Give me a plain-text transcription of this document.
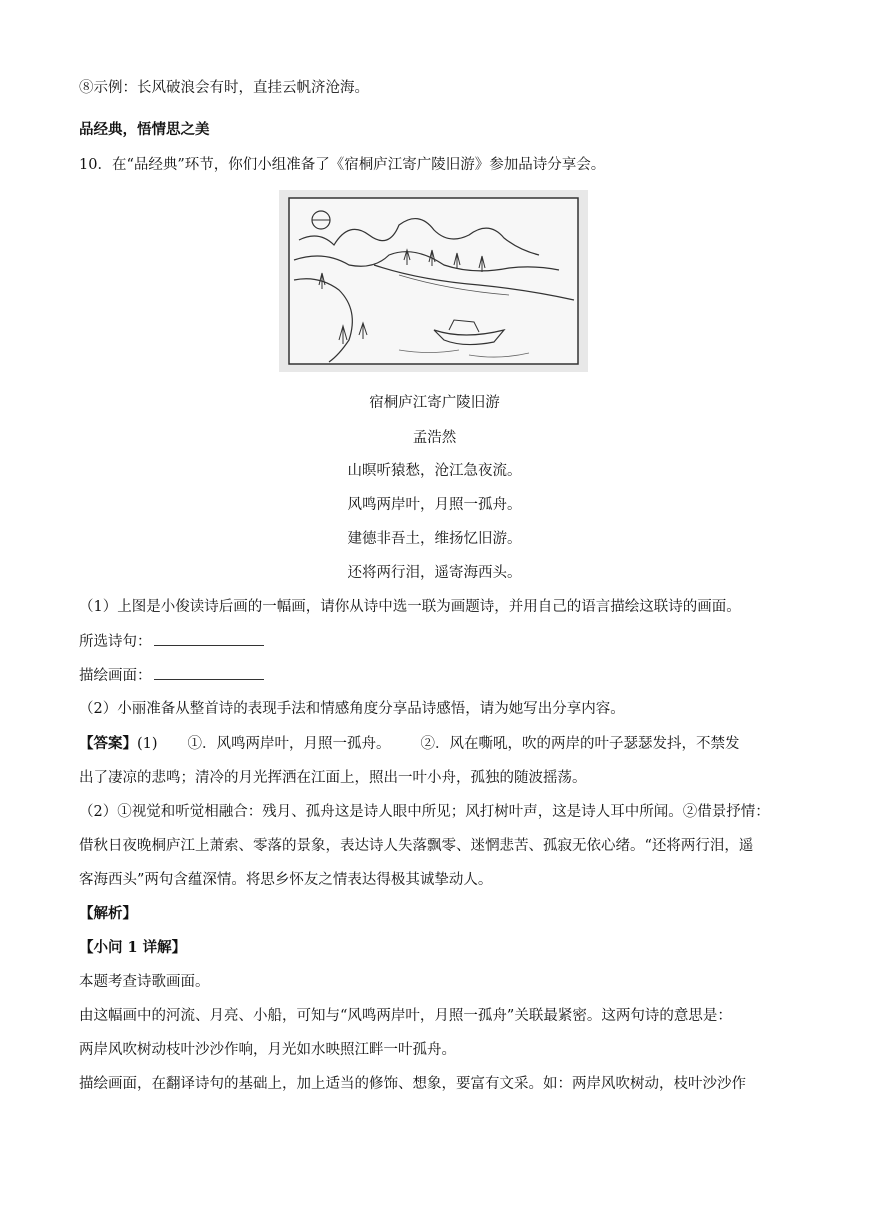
⑧示例：长风破浪会有时，直挂云帆济沧海。
品经典，悟情思之美
10．在“品经典”环节，你们小组准备了《宿桐庐江寄广陵旧游》参加品诗分享会。
宿桐庐江寄广陵旧游
孟浩然
山暝听猿愁，沧江急夜流。
风鸣两岸叶，月照一孤舟。
建德非吾土，维扬忆旧游。
还将两行泪，遥寄海西头。
（1）上图是小俊读诗后画的一幅画，请你从诗中选一联为画题诗，并用自己的语言描绘这联诗的画面。
所选诗句：
描绘画面：
（2）小丽准备从整首诗的表现手法和情感角度分享品诗感悟，请为她写出分享内容。
【答案】(1) ①．风鸣两岸叶，月照一孤舟。 ②．风在嘶吼，吹的两岸的叶子瑟瑟发抖，不禁发
出了凄凉的悲鸣；清冷的月光挥洒在江面上，照出一叶小舟，孤独的随波摇荡。
（2）①视觉和听觉相融合：残月、孤舟这是诗人眼中所见；风打树叶声，这是诗人耳中所闻。②借景抒情：
借秋日夜晚桐庐江上萧索、零落的景象，表达诗人失落飘零、迷惘悲苦、孤寂无依心绪。“还将两行泪，遥
客海西头”两句含蕴深情。将思乡怀友之情表达得极其诚挚动人。
【解析】
【小问 1 详解】
本题考查诗歌画面。
由这幅画中的河流、月亮、小船，可知与“风鸣两岸叶，月照一孤舟”关联最紧密。这两句诗的意思是：
两岸风吹树动枝叶沙沙作响，月光如水映照江畔一叶孤舟。
描绘画面，在翻译诗句的基础上，加上适当的修饰、想象，要富有文采。如：两岸风吹树动，枝叶沙沙作
